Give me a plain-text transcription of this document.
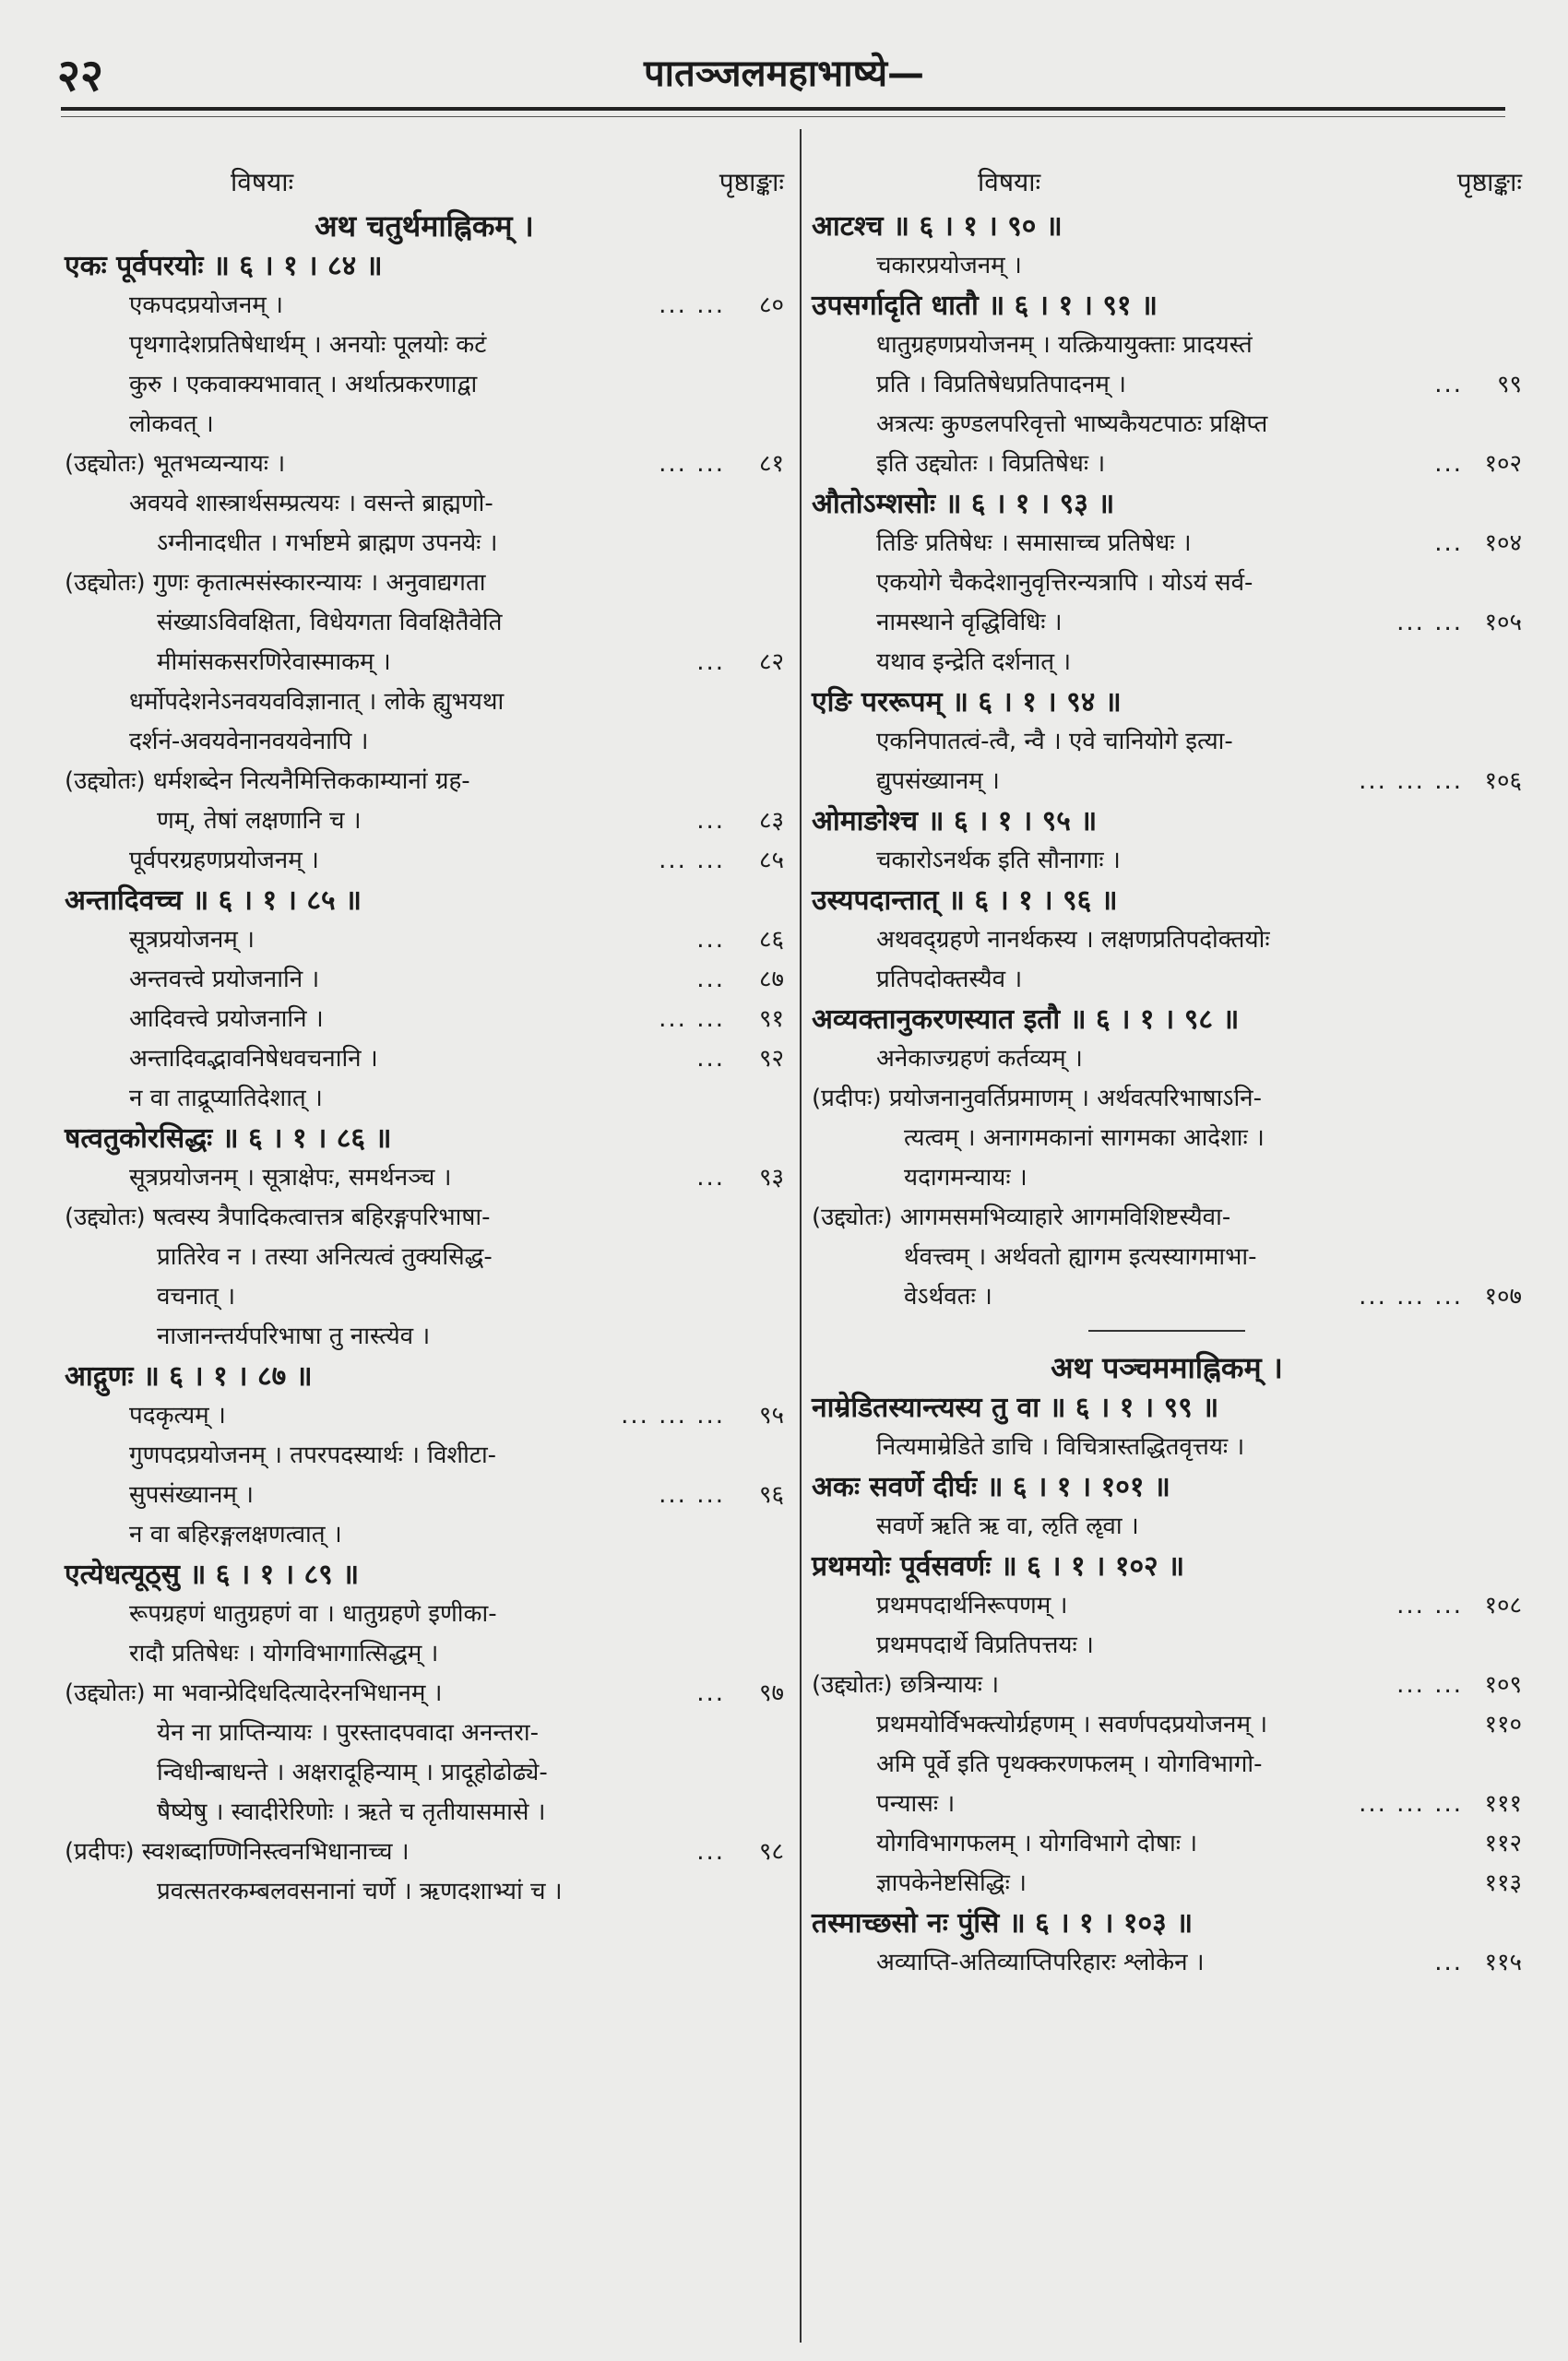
२२	पातञ्जलमहाभाष्ये—
विषयाः	पृष्ठाङ्काः
अथ चतुर्थमाह्निकम् ।
एकः पूर्वपरयोः ॥ ६ । १ । ८४ ॥
एकपदप्रयोजनम् ।	... ... ८०
पृथगादेशप्रतिषेधार्थम् । अनयोः पूलयोः कटं
कुरु । एकवाक्यभावात् । अर्थात्प्रकरणाद्वा
लोकवत् ।
(उद्द्योतः) भूतभव्यन्यायः ।	... ... ८१
अवयवे शास्त्रार्थसम्प्रत्ययः । वसन्ते ब्राह्मणो-
ऽग्नीनादधीत । गर्भाष्टमे ब्राह्मण उपनयेः ।
(उद्द्योतः) गुणः कृतात्मसंस्कारन्यायः । अनुवाद्यगता
संख्याऽविवक्षिता, विधेयगता विवक्षितैवेति
मीमांसकसरणिरेवास्माकम् ।	... ८२
धर्मोपदेशनेऽनवयवविज्ञानात् । लोके ह्युभयथा
दर्शनं-अवयवेनानवयवेनापि ।
(उद्द्योतः) धर्मशब्देन नित्यनैमित्तिककाम्यानां ग्रह-
णम्, तेषां लक्षणानि च ।	... ८३
पूर्वपरग्रहणप्रयोजनम् ।	... ... ८५
अन्तादिवच्च ॥ ६ । १ । ८५ ॥
सूत्रप्रयोजनम् ।	... ८६
अन्तवत्त्वे प्रयोजनानि ।	... ८७
आदिवत्त्वे प्रयोजनानि ।	... ... ९१
अन्तादिवद्भावनिषेधवचनानि ।	... ९२
न वा ताद्रूप्यातिदेशात् ।
षत्वतुकोरसिद्धः ॥ ६ । १ । ८६ ॥
सूत्रप्रयोजनम् । सूत्राक्षेपः, समर्थनञ्च ।	... ९३
(उद्द्योतः) षत्वस्य त्रैपादिकत्वात्तत्र बहिरङ्गपरिभाषा-
प्रातिरेव न । तस्या अनित्यत्वं तुक्यसिद्ध-
वचनात् ।
नाजानन्तर्यपरिभाषा तु नास्त्येव ।
आद्गुणः ॥ ६ । १ । ८७ ॥
पदकृत्यम् ।	... ... ... ९५
गुणपदप्रयोजनम् । तपरपदस्यार्थः । विशीटा-
सुपसंख्यानम् ।	... ... ९६
न वा बहिरङ्गलक्षणत्वात् ।
एत्येधत्यूठ्सु ॥ ६ । १ । ८९ ॥
रूपग्रहणं धातुग्रहणं वा । धातुग्रहणे इणीका-
रादौ प्रतिषेधः । योगविभागात्सिद्धम् ।
(उद्द्योतः) मा भवान्प्रेदिधदित्यादेरनभिधानम् ।	... ९७
येन ना प्राप्तिन्यायः । पुरस्तादपवादा अनन्तरा-
न्विधीन्बाधन्ते । अक्षरादूहिन्याम् । प्रादूहोढोढ्ये-
षैष्येषु । स्वादीरेरिणोः । ऋते च तृतीयासमासे ।
(प्रदीपः) स्वशब्दाण्णिनिस्त्वनभिधानाच्च ।	... ९८
प्रवत्सतरकम्बलवसनानां चर्णे । ऋणदशाभ्यां च ।
विषयाः	पृष्ठाङ्काः
आटश्च ॥ ६ । १ । ९० ॥
चकारप्रयोजनम् ।
उपसर्गादृति धातौ ॥ ६ । १ । ९१ ॥
धातुग्रहणप्रयोजनम् । यत्क्रियायुक्ताः प्रादयस्तं
प्रति । विप्रतिषेधप्रतिपादनम् ।	... ९९
अत्रत्यः कुण्डलपरिवृत्तो भाष्यकैयटपाठः प्रक्षिप्त
इति उद्द्योतः । विप्रतिषेधः ।	... १०२
औतोऽम्शसोः ॥ ६ । १ । ९३ ॥
तिङि प्रतिषेधः । समासाच्च प्रतिषेधः ।	... १०४
एकयोगे चैकदेशानुवृत्तिरन्यत्रापि । योऽयं सर्व-
नामस्थाने वृद्धिविधिः ।	... ... १०५
यथाव इन्द्रेति दर्शनात् ।
एङि पररूपम् ॥ ६ । १ । ९४ ॥
एकनिपातत्वं-त्वै, न्वै । एवे चानियोगे इत्या-
द्युपसंख्यानम् ।	... ... ... १०६
ओमाङोश्च ॥ ६ । १ । ९५ ॥
चकारोऽनर्थक इति सौनागाः ।
उस्यपदान्तात् ॥ ६ । १ । ९६ ॥
अथवद्ग्रहणे नानर्थकस्य । लक्षणप्रतिपदोक्तयोः
प्रतिपदोक्तस्यैव ।
अव्यक्तानुकरणस्यात इतौ ॥ ६ । १ । ९८ ॥
अनेकाज्ग्रहणं कर्तव्यम् ।
(प्रदीपः) प्रयोजनानुवर्तिप्रमाणम् । अर्थवत्परिभाषाऽनि-
त्यत्वम् । अनागमकानां सागमका आदेशाः ।
यदागमन्यायः ।
(उद्द्योतः) आगमसमभिव्याहारे आगमविशिष्टस्यैवा-
र्थवत्त्वम् । अर्थवतो ह्यागम इत्यस्यागमाभा-
वेऽर्थवतः ।	... ... ... १०७
अथ पञ्चममाह्निकम् ।
नाम्रेडितस्यान्त्यस्य तु वा ॥ ६ । १ । ९९ ॥
नित्यमाम्रेडिते डाचि । विचित्रास्तद्धितवृत्तयः ।
अकः सवर्णे दीर्घः ॥ ६ । १ । १०१ ॥
सवर्णे ऋति ऋ वा, ऌति ॡवा ।
प्रथमयोः पूर्वसवर्णः ॥ ६ । १ । १०२ ॥
प्रथमपदार्थनिरूपणम् ।	... ... १०८
प्रथमपदार्थे विप्रतिपत्तयः ।
(उद्द्योतः) छत्रिन्यायः ।	... ... १०९
प्रथमयोर्विभक्त्योर्ग्रहणम् । सवर्णपदप्रयोजनम् ।	११०
अमि पूर्वे इति पृथक्करणफलम् । योगविभागो-
पन्यासः ।	... ... ... १११
योगविभागफलम् । योगविभागे दोषाः ।	११२
ज्ञापकेनेष्टसिद्धिः ।	११३
तस्माच्छसो नः पुंसि ॥ ६ । १ । १०३ ॥
अव्याप्ति-अतिव्याप्तिपरिहारः श्लोकेन ।	... ११५
